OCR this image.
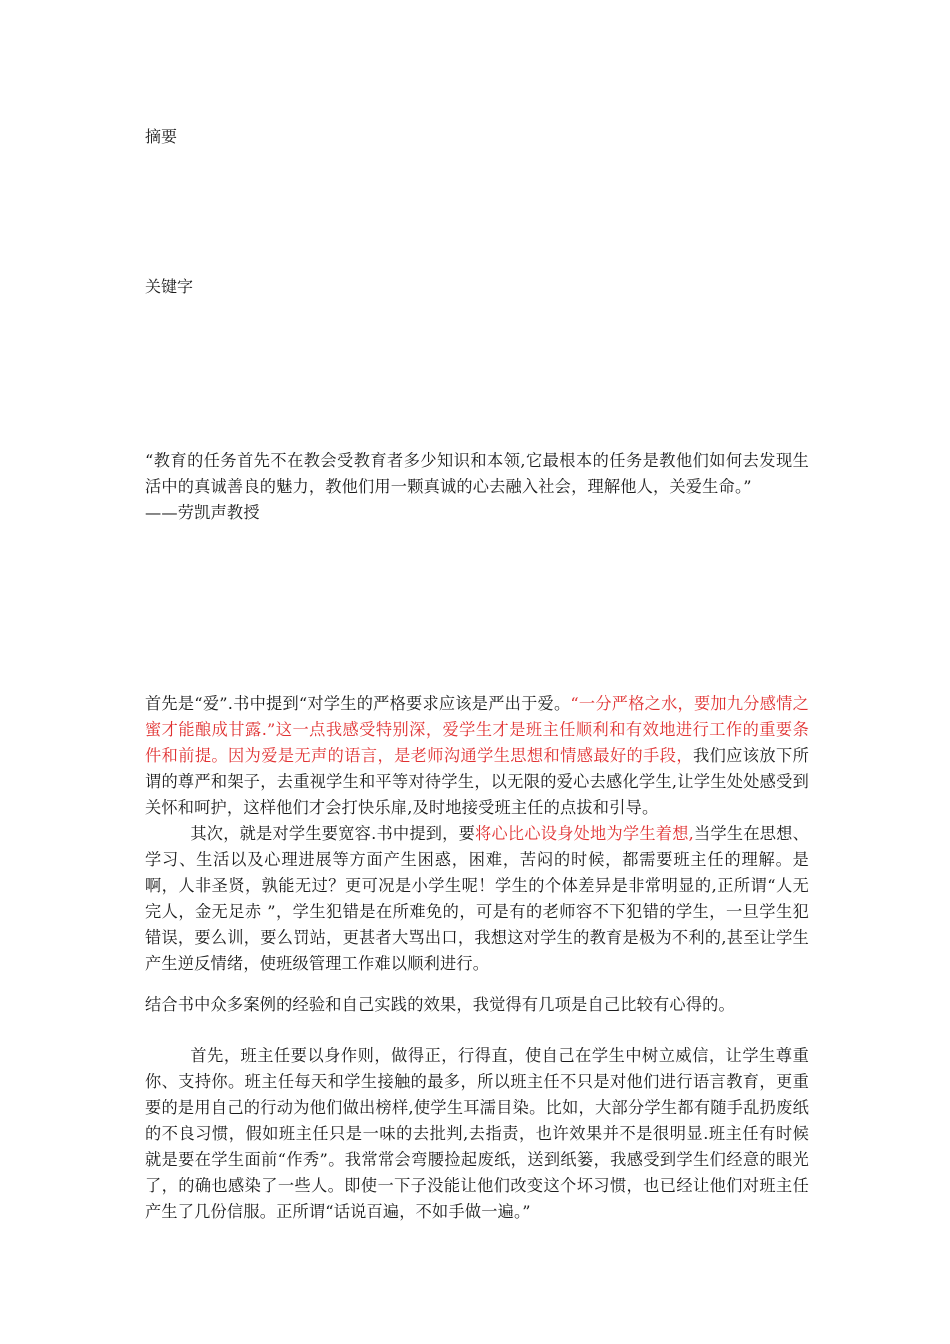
摘要
关键字

“教育的任务首先不在教会受教育者多少知识和本领,它最根本的任务是教他们如何去发现生活中的真诚善良的魅力，教他们用一颗真诚的心去融入社会，理解他人，关爱生命。”

——劳凯声教授

首先是“爱”.书中提到“对学生的严格要求应该是严出于爱。“一分严格之水，要加九分感情之蜜才能酿成甘露.”这一点我感受特别深，爱学生才是班主任顺利和有效地进行工作的重要条件和前提。因为爱是无声的语言，是老师沟通学生思想和情感最好的手段，我们应该放下所谓的尊严和架子，去重视学生和平等对待学生，以无限的爱心去感化学生,让学生处处感受到关怀和呵护，这样他们才会打快乐扉,及时地接受班主任的点拔和引导。

其次，就是对学生要宽容.书中提到，要将心比心设身处地为学生着想,当学生在思想、学习、生活以及心理进展等方面产生困惑，困难，苦闷的时候，都需要班主任的理解。是啊，人非圣贤，孰能无过？更可况是小学生呢！学生的个体差异是非常明显的,正所谓“人无完人，金无足赤 ”，学生犯错是在所难免的，可是有的老师容不下犯错的学生，一旦学生犯错误，要么训，要么罚站，更甚者大骂出口，我想这对学生的教育是极为不利的,甚至让学生产生逆反情绪，使班级管理工作难以顺利进行。

结合书中众多案例的经验和自己实践的效果，我觉得有几项是自己比较有心得的。
首先，班主任要以身作则，做得正，行得直，使自己在学生中树立威信，让学生尊重你、支持你。班主任每天和学生接触的最多，所以班主任不只是对他们进行语言教育，更重要的是用自己的行动为他们做出榜样,使学生耳濡目染。比如，大部分学生都有随手乱扔废纸的不良习惯，假如班主任只是一味的去批判,去指责，也许效果并不是很明显.班主任有时候就是要在学生面前“作秀”。我常常会弯腰捡起废纸，送到纸篓，我感受到学生们经意的眼光了，的确也感染了一些人。即使一下子没能让他们改变这个坏习惯，也已经让他们对班主任产生了几份信服。正所谓“话说百遍，不如手做一遍。”
